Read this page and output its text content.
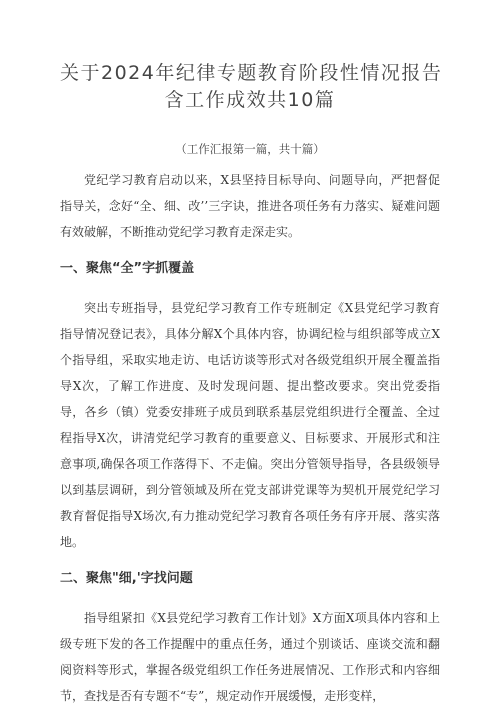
关于2024年纪律专题教育阶段性情况报告
含工作成效共10篇
（工作汇报第一篇，共十篇）

党纪学习教育启动以来，X县坚持目标导向、问题导向，严把督促指导关，念好“全、细、改’’三字诀，推进各项任务有力落实、疑难问题有效破解，不断推动党纪学习教育走深走实。

一、聚焦“全”字抓覆盖

突出专班指导，县党纪学习教育工作专班制定《X县党纪学习教育指导情况登记表》，具体分解X个具体内容，协调纪检与组织部等成立X个指导组，采取实地走访、电话访谈等形式对各级党组织开展全覆盖指导X次，了解工作进度、及时发现问题、提出整改要求。突出党委指导，各乡（镇）党委安排班子成员到联系基层党组织进行全覆盖、全过程指导X次，讲清党纪学习教育的重要意义、目标要求、开展形式和注意事项,确保各项工作落得下、不走偏。突出分管领导指导，各县级领导以到基层调研，到分管领域及所在党支部讲党课等为契机开展党纪学习教育督促指导X场次,有力推动党纪学习教育各项任务有序开展、落实落地。

二、聚焦"细,'字找问题

指导组紧扣《X县党纪学习教育工作计划》X方面X项具体内容和上级专班下发的各工作提醒中的重点任务，通过个别谈话、座谈交流和翻阅资料等形式，掌握各级党组织工作任务进展情况、工作形式和内容细节，查找是否有专题不“专”，规定动作开展缓慢，走形变样，
